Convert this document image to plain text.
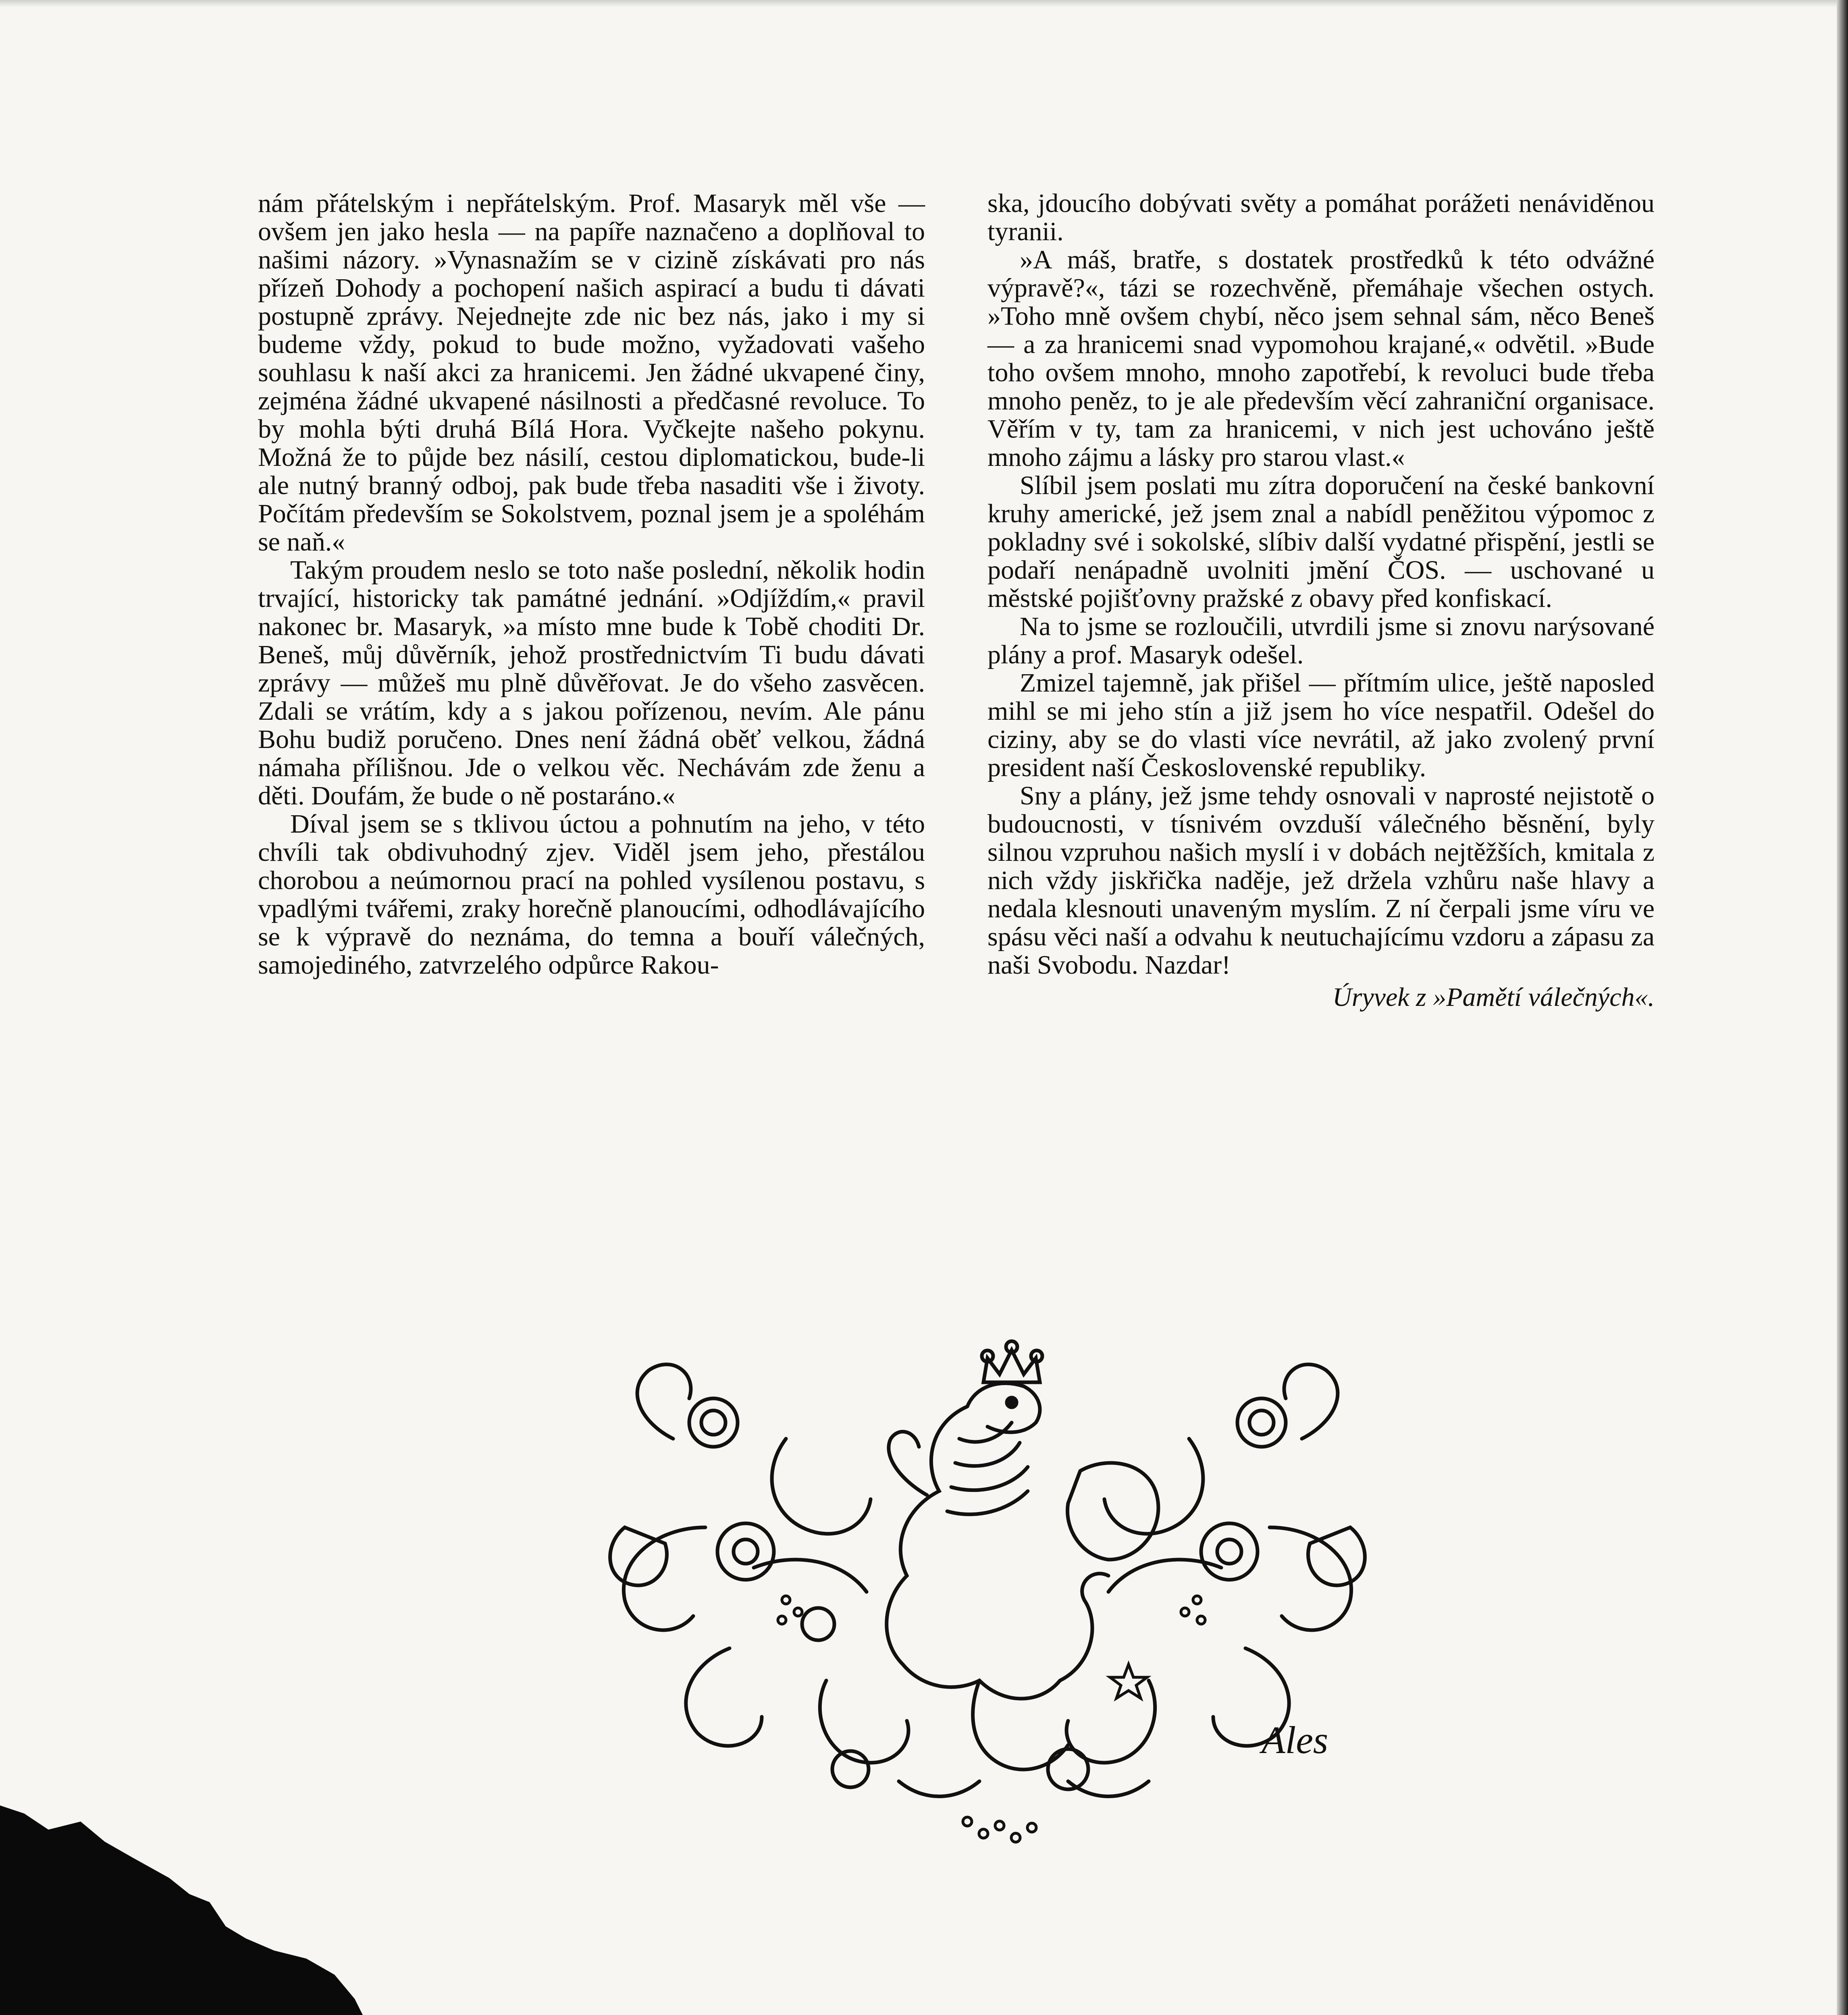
nám přátelským i nepřátelským. Prof. Masaryk měl vše — ovšem jen jako hesla — na papíře naznačeno a doplňoval to našimi názory. »Vynasnažím se v cizině získávati pro nás přízeň Dohody a pochopení našich aspirací a budu ti dávati postupně zprávy. Nejednejte zde nic bez nás, jako i my si budeme vždy, pokud to bude možno, vyžadovati vašeho souhlasu k naší akci za hranicemi. Jen žádné ukvapené činy, zejména žádné ukvapené násilnosti a předčasné revoluce. To by mohla býti druhá Bílá Hora. Vyčkejte našeho pokynu. Možná že to půjde bez násilí, cestou diplomatickou, bude-li ale nutný branný odboj, pak bude třeba nasaditi vše i životy. Počítám především se Sokolstvem, poznal jsem je a spoléhám se naň.«

Takým proudem neslo se toto naše poslední, několik hodin trvající, historicky tak památné jednání. »Odjíždím,« pravil nakonec br. Masaryk, »a místo mne bude k Tobě choditi Dr. Beneš, můj důvěrník, jehož prostřednictvím Ti budu dávati zprávy — můžeš mu plně důvěřovat. Je do všeho zasvěcen. Zdali se vrátím, kdy a s jakou pořízenou, nevím. Ale pánu Bohu budiž poručeno. Dnes není žádná oběť velkou, žádná námaha přílišnou. Jde o velkou věc. Nechávám zde ženu a děti. Doufám, že bude o ně postaráno.«

Díval jsem se s tklivou úctou a pohnutím na jeho, v této chvíli tak obdivuhodný zjev. Viděl jsem jeho, přestálou chorobou a neúmornou prací na pohled vysílenou postavu, s vpadlými tvářemi, zraky horečně planoucími, odhodlávajícího se k výpravě do neznáma, do temna a bouří válečných, samojediného, zatvrzelého odpůrce Rakou-

ska, jdoucího dobývati světy a pomáhat porážeti nenáviděnou tyranii.

»A máš, bratře, s dostatek prostředků k této odvážné výpravě?«, tázi se rozechvěně, přemáhaje všechen ostych. »Toho mně ovšem chybí, něco jsem sehnal sám, něco Beneš — a za hranicemi snad vypomohou krajané,« odvětil. »Bude toho ovšem mnoho, mnoho zapotřebí, k revoluci bude třeba mnoho peněz, to je ale především věcí zahraniční organisace. Věřím v ty, tam za hranicemi, v nich jest uchováno ještě mnoho zájmu a lásky pro starou vlast.«

Slíbil jsem poslati mu zítra doporučení na české bankovní kruhy americké, jež jsem znal a nabídl peněžitou výpomoc z pokladny své i sokolské, slíbiv další vydatné přispění, jestli se podaří nenápadně uvolniti jmění ČOS. — uschované u městské pojišťovny pražské z obavy před konfiskací.

Na to jsme se rozloučili, utvrdili jsme si znovu narýsované plány a prof. Masaryk odešel.

Zmizel tajemně, jak přišel — přítmím ulice, ještě naposled mihl se mi jeho stín a již jsem ho více nespatřil. Odešel do ciziny, aby se do vlasti více nevrátil, až jako zvolený první president naší Československé republiky.

Sny a plány, jež jsme tehdy osnovali v naprosté nejistotě o budoucnosti, v tísnivém ovzduší válečného běsnění, byly silnou vzpruhou našich myslí i v dobách nejtěžších, kmitala z nich vždy jiskřička naděje, jež držela vzhůru naše hlavy a nedala klesnouti unaveným myslím. Z ní čerpali jsme víru ve spásu věci naší a odvahu k neutuchajícímu vzdoru a zápasu za naši Svobodu. Nazdar!

Úryvek z »Pamětí válečných«.

Ales
